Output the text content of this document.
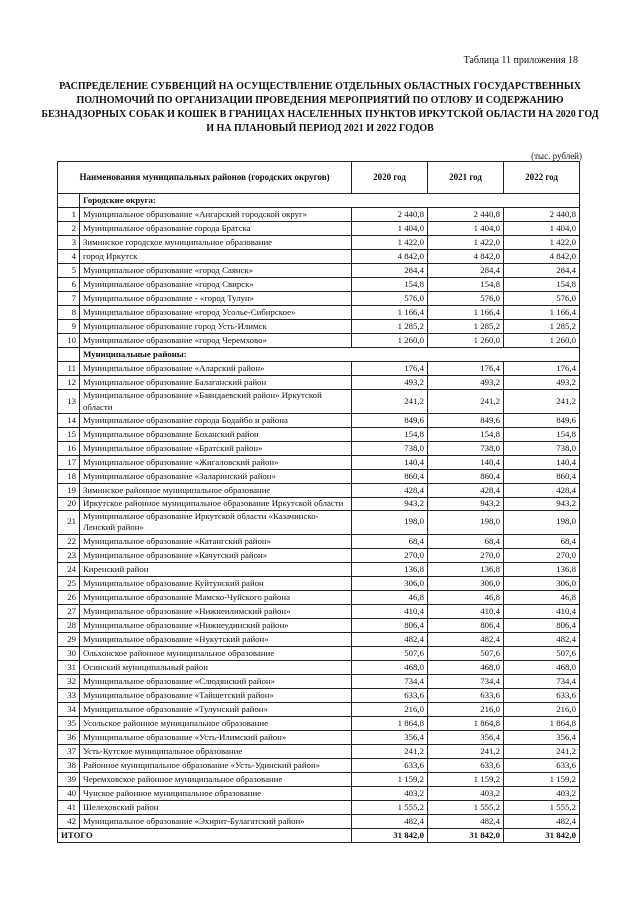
Таблица 11 приложения 18
РАСПРЕДЕЛЕНИЕ СУБВЕНЦИЙ НА ОСУЩЕСТВЛЕНИЕ ОТДЕЛЬНЫХ ОБЛАСТНЫХ ГОСУДАРСТВЕННЫХ ПОЛНОМОЧИЙ ПО ОРГАНИЗАЦИИ ПРОВЕДЕНИЯ МЕРОПРИЯТИЙ ПО ОТЛОВУ И СОДЕРЖАНИЮ БЕЗНАДЗОРНЫХ СОБАК И КОШЕК В ГРАНИЦАХ НАСЕЛЕННЫХ ПУНКТОВ ИРКУТСКОЙ ОБЛАСТИ НА 2020 ГОД И НА ПЛАНОВЫЙ ПЕРИОД 2021 И 2022 ГОДОВ
(тыс. рублей)
Наименования муниципальных районов (городских округов)		2020 год	2021 год	2022 год
	Городские округа:			
1	Муниципальное образование «Ангарский городской округ»	2 440,8	2 440,8	2 440,8
2	Муниципальное образование города Братска	1 404,0	1 404,0	1 404,0
3	Зиминское городское муниципальное образование	1 422,0	1 422,0	1 422,0
4	город Иркутск	4 842,0	4 842,0	4 842,0
5	Муниципальное образование «город Саянск»	284,4	284,4	284,4
6	Муниципальное образование «город Свирск»	154,8	154,8	154,8
7	Муниципальное образование - «город Тулун»	576,0	576,0	576,0
8	Муниципальное образование «город Усолье-Сибирское»	1 166,4	1 166,4	1 166,4
9	Муниципальное образование город Усть-Илимск	1 285,2	1 285,2	1 285,2
10	Муниципальное образование «город Черемхово»	1 260,0	1 260,0	1 260,0
	Муниципальные районы:			
11	Муниципальное образование «Аларский район»	176,4	176,4	176,4
12	Муниципальное образование Балаганский район	493,2	493,2	493,2
13	Муниципальное образование «Баяндаевский район» Иркутской области	241,2	241,2	241,2
14	Муниципальное образование города Бодайбо и района	849,6	849,6	849,6
15	Муниципальное образование Боханский район	154,8	154,8	154,8
16	Муниципальное образование «Братский район»	738,0	738,0	738,0
17	Муниципальное образование «Жигаловский район»	140,4	140,4	140,4
18	Муниципальное образование «Заларинский район»	860,4	860,4	860,4
19	Зиминское районное муниципальное образование	428,4	428,4	428,4
20	Иркутское районное муниципальное образование Иркутской области	943,2	943,2	943,2
21	Муниципальное образование Иркутской области «Казачинско-Ленский район»	198,0	198,0	198,0
22	Муниципальное образование «Катангский район»	68,4	68,4	68,4
23	Муниципальное образование «Качугский район»	270,0	270,0	270,0
24	Киренский район	136,8	136,8	136,8
25	Муниципальное образование Куйтунский район	306,0	306,0	306,0
26	Муниципальное образование Мамско-Чуйского района	46,8	46,8	46,8
27	Муниципальное образование «Нижнеилимский район»	410,4	410,4	410,4
28	Муниципальное образование «Нижнеудинский район»	806,4	806,4	806,4
29	Муниципальное образование «Нукутский район»	482,4	482,4	482,4
30	Ольхонское районное муниципальное образование	507,6	507,6	507,6
31	Осинский муниципальный район	468,0	468,0	468,0
32	Муниципальное образование «Слюдянский район»	734,4	734,4	734,4
33	Муниципальное образование «Тайшетский район»	633,6	633,6	633,6
34	Муниципальное образование «Тулунский район»	216,0	216,0	216,0
35	Усольское районное муниципальное образование	1 864,8	1 864,8	1 864,8
36	Муниципальное образование «Усть-Илимский район»	356,4	356,4	356,4
37	Усть-Кутское муниципальное образование	241,2	241,2	241,2
38	Районное муниципальное образование «Усть-Удинский район»	633,6	633,6	633,6
39	Черемховское районное муниципальное образование	1 159,2	1 159,2	1 159,2
40	Чунское районное муниципальное образование	403,2	403,2	403,2
41	Шелеховский район	1 555,2	1 555,2	1 555,2
42	Муниципальное образование «Эхирит-Булагатский район»	482,4	482,4	482,4
ИТОГО		31 842,0	31 842,0	31 842,0
